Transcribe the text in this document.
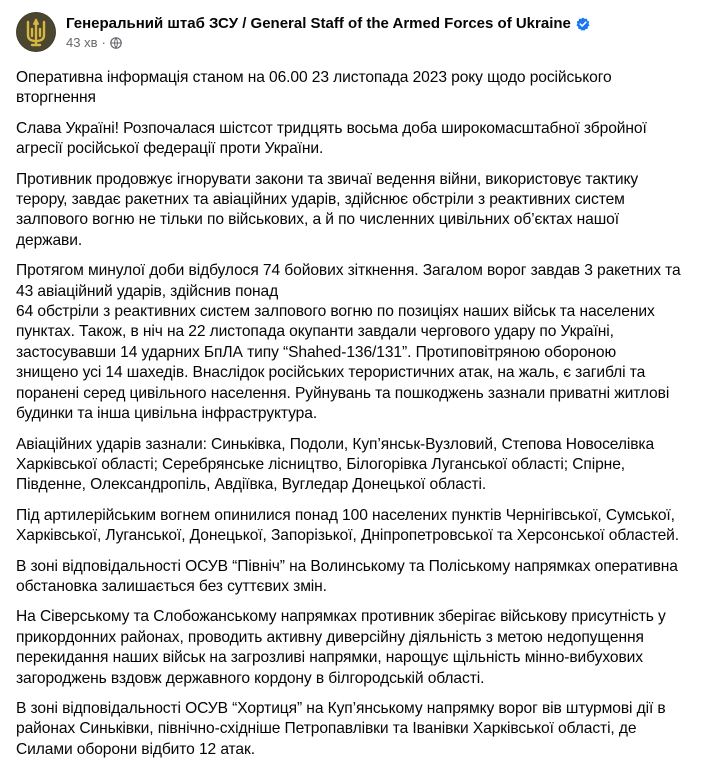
Генеральний штаб ЗСУ / General Staff of the Armed Forces of Ukraine
43 хв ·

Оперативна інформація станом на 06.00 23 листопада 2023 року щодо російського
вторгнення

Слава Україні! Розпочалася шістсот тридцять восьма доба широкомасштабної збройної
агресії російської федерації проти України.

Противник продовжує ігнорувати закони та звичаї ведення війни, використовує тактику
терору, завдає ракетних та авіаційних ударів, здійснює обстріли з реактивних систем
залпового вогню не тільки по військових, а й по численних цивільних об’єктах нашої
держави.

Протягом минулої доби відбулося 74 бойових зіткнення. Загалом ворог завдав 3 ракетних та
43 авіаційний ударів, здійснив понад
64 обстріли з реактивних систем залпового вогню по позиціях наших військ та населених
пунктах. Також, в ніч на 22 листопада окупанти завдали чергового удару по Україні,
застосувавши 14 ударних БпЛА типу “Shahed-136/131”. Протиповітряною обороною
знищено усі 14 шахедів. Внаслідок російських терористичних атак, на жаль, є загиблі та
поранені серед цивільного населення. Руйнувань та пошкоджень зазнали приватні житлові
будинки та інша цивільна інфраструктура.

Авіаційних ударів зазнали: Синьківка, Подоли, Куп’янськ-Вузловий, Степова Новоселівка
Харківської області; Серебрянське лісництво, Білогорівка Луганської області; Спірне,
Південне, Олександропіль, Авдіївка, Вугледар Донецької області.

Під артилерійським вогнем опинилися понад 100 населених пунктів Чернігівської, Сумської,
Харківської, Луганської, Донецької, Запорізької, Дніпропетровської та Херсонської областей.

В зоні відповідальності ОСУВ “Північ” на Волинському та Поліському напрямках оперативна
обстановка залишається без суттєвих змін.

На Сіверському та Слобожанському напрямках противник зберігає військову присутність у
прикордонних районах, проводить активну диверсійну діяльність з метою недопущення
перекидання наших військ на загрозливі напрямки, нарощує щільність мінно-вибухових
загороджень вздовж державного кордону в білгородській області.

В зоні відповідальності ОСУВ “Хортиця” на Куп’янському напрямку ворог вів штурмові дії в
районах Синьківки, північно-східніше Петропавлівки та Іванівки Харківської області, де
Силами оборони відбито 12 атак.
